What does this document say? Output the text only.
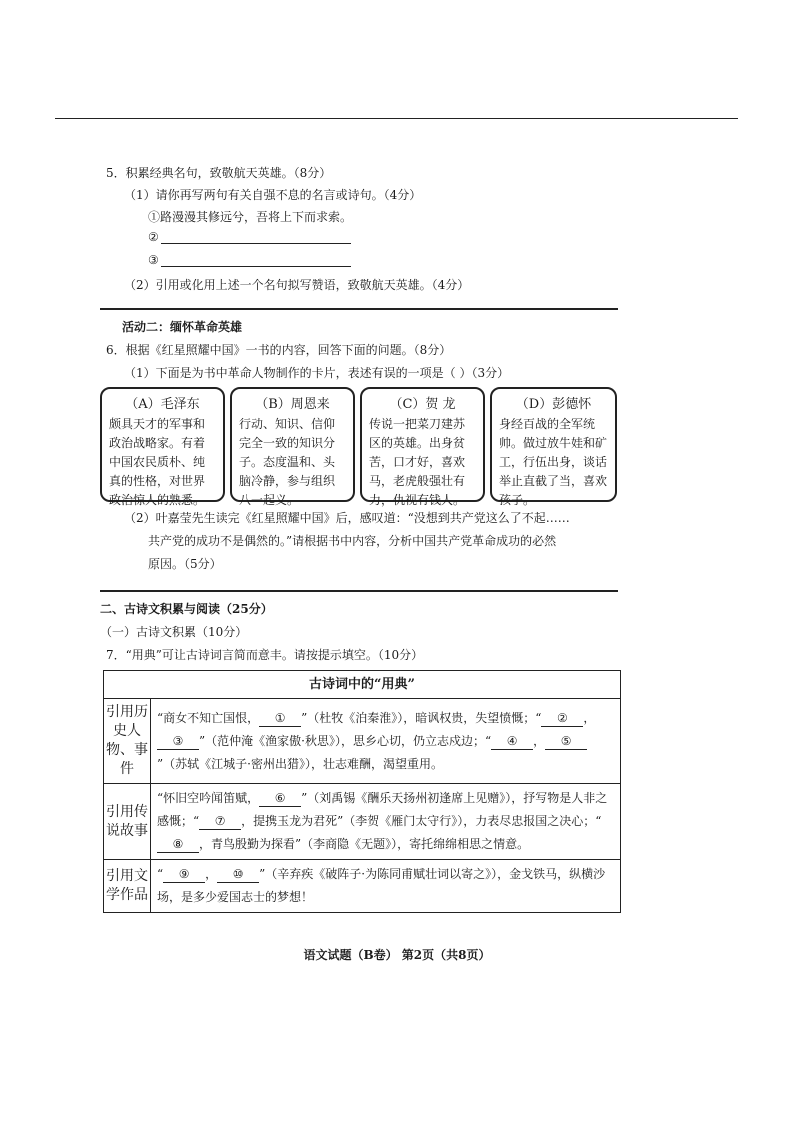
5．积累经典名句，致敬航天英雄。（8分）
（1）请你再写两句有关自强不息的名言或诗句。（4分）
①路漫漫其修远兮，吾将上下而求索。
②
③
（2）引用或化用上述一个名句拟写赞语，致敬航天英雄。（4分）
活动二：缅怀革命英雄
6．根据《红星照耀中国》一书的内容，回答下面的问题。（8分）
（1）下面是为书中革命人物制作的卡片，表述有误的一项是（ ）（3分）
（A）毛泽东
颇具天才的军事和政治战略家。有着中国农民质朴、纯真的性格，对世界政治惊人的熟悉。
（B）周恩来
行动、知识、信仰完全一致的知识分子。态度温和、头脑冷静，参与组织八一起义。
（C）贺 龙
传说一把菜刀建苏区的英雄。出身贫苦，口才好，喜欢马，老虎般强壮有力，仇视有钱人。
（D）彭德怀
身经百战的全军统帅。做过放牛娃和矿工，行伍出身，谈话举止直截了当，喜欢孩子。
（2）叶嘉莹先生读完《红星照耀中国》后，感叹道：“没想到共产党这么了不起……
共产党的成功不是偶然的。”请根据书中内容，分析中国共产党革命成功的必然
原因。（5分）
二、古诗文积累与阅读（25分）
（一）古诗文积累（10分）
7．“用典”可让古诗词言简而意丰。请按提示填空。（10分）
古诗词中的“用典”	
引用历史人物、事件	“商女不知亡国恨， ① ”（杜牧《泊秦淮》），暗讽权贵，失望愤慨；“ ② ，③ ”（范仲淹《渔家傲·秋思》），思乡心切，仍立志戍边；“ ④ ， ⑤”（苏轼《江城子·密州出猎》），壮志难酬，渴望重用。
引用传说故事	“怀旧空吟闻笛赋， ⑥ ”（刘禹锡《酬乐天扬州初逢席上见赠》），抒写物是人非之感慨；“ ⑦ ，提携玉龙为君死”（李贺《雁门太守行》），力表尽忠报国之决心；“⑧ ，青鸟殷勤为探看”（李商隐《无题》），寄托绵绵相思之情意。
引用文学作品	“ ⑨ ， ⑩ ”（辛弃疾《破阵子·为陈同甫赋壮词以寄之》），金戈铁马，纵横沙场，是多少爱国志士的梦想！
语文试题（B卷） 第2页（共8页）
